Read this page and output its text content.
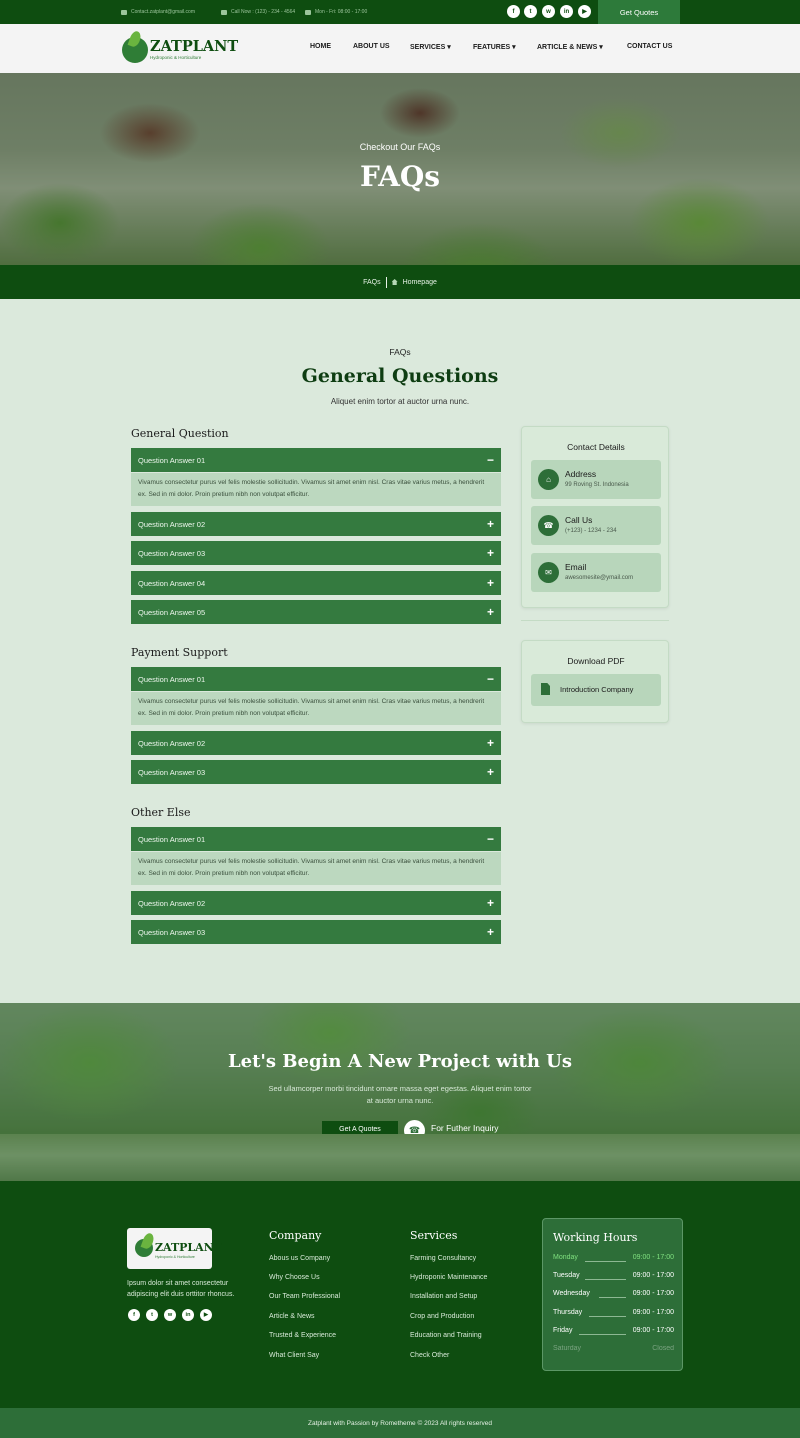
Contact.zatplant@gmail.com	Call Now : (123) - 234 - 4564	Mon - Fri: 08:00 - 17:00	f	t	w	in	▶	Get Quotes
ZATPLANT
Hydroponic & Horticulture
HOME	ABOUT US	SERVICES ▾	FEATURES ▾	ARTICLE & NEWS ▾	CONTACT US
Checkout Our FAQs
FAQs
FAQs	Homepage
FAQs
General Questions
Aliquet enim tortor at auctor urna nunc.
General Question
Question Answer 01	−
Vivamus consectetur purus vel felis molestie sollicitudin. Vivamus sit amet enim nisl. Cras vitae varius metus, a hendrerit ex. Sed in mi dolor. Proin pretium nibh non volutpat efficitur.
Question Answer 02	+
Question Answer 03	+
Question Answer 04	+
Question Answer 05	+
Payment Support
Question Answer 01	−
Vivamus consectetur purus vel felis molestie sollicitudin. Vivamus sit amet enim nisl. Cras vitae varius metus, a hendrerit ex. Sed in mi dolor. Proin pretium nibh non volutpat efficitur.
Question Answer 02	+
Question Answer 03	+
Other Else
Question Answer 01	−
Vivamus consectetur purus vel felis molestie sollicitudin. Vivamus sit amet enim nisl. Cras vitae varius metus, a hendrerit ex. Sed in mi dolor. Proin pretium nibh non volutpat efficitur.
Question Answer 02	+
Question Answer 03	+
Contact Details
⌂
Address
99 Roving St. Indonesia
☎
Call Us
(+123) - 1234 - 234
✉
Email
awesomesite@ymail.com
Download PDF
Introduction Company
Let's Begin A New Project with Us
Sed ullamcorper morbi tincidunt ornare massa eget egestas. Aliquet enim tortor at auctor urna nunc.
Get A Quotes	☎	For Futher Inquiry
ZATPLANT
Hydroponic & Horticulture
Ipsum dolor sit amet consectetur adipiscing elit duis orttitor rhoncus.
f	t	w	in	▶
Company
Abous us Company
Why Choose Us
Our Team Professional
Article & News
Trusted & Experience
What Client Say
Services
Farming Consultancy
Hydroponic Maintenance
Installation and Setup
Crop and Production
Education and Training
Check Other
Working Hours
Monday	09:00 - 17:00
Tuesday	09:00 - 17:00
Wednesday	09:00 - 17:00
Thursday	09:00 - 17:00
Friday	09:00 - 17:00
Saturday	Closed
Zatplant with Passion by Rometheme © 2023 All rights reserved
